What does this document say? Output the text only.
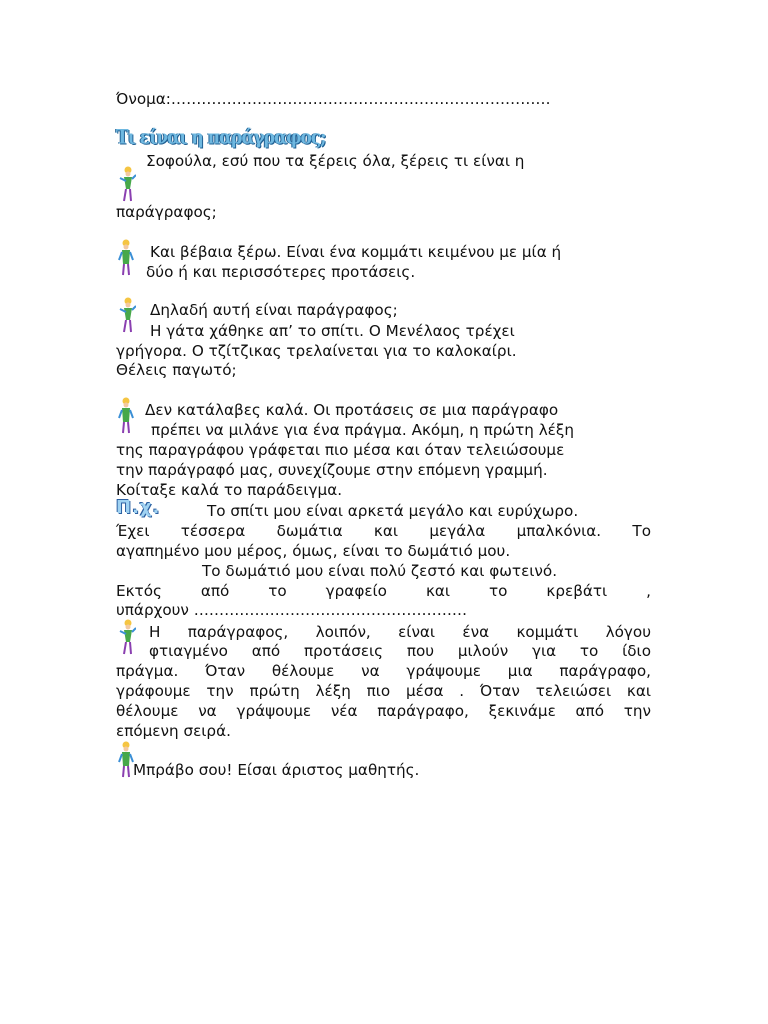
Όνομα:…………………………………………………………………
Τι είναι η παράγραφος;
Σοφούλα, εσύ που τα ξέρεις όλα, ξέρεις τι είναι η
παράγραφος;
Και βέβαια ξέρω. Είναι ένα κομμάτι κειμένου με μία ή
δύο ή και περισσότερες προτάσεις.
Δηλαδή αυτή είναι παράγραφος;
Η γάτα χάθηκε απ’ το σπίτι. Ο Μενέλαος τρέχει
γρήγορα. Ο τζίτζικας τρελαίνεται για το καλοκαίρι.
Θέλεις παγωτό;
Δεν κατάλαβες καλά. Οι προτάσεις σε μια παράγραφο
πρέπει να μιλάνε για ένα πράγμα. Ακόμη, η πρώτη λέξη
της παραγράφου γράφεται πιο μέσα και όταν τελειώσουμε
την παράγραφό μας, συνεχίζουμε στην επόμενη γραμμή.
Κοίταξε καλά το παράδειγμα.
Π.χ.	Το σπίτι μου είναι αρκετά μεγάλο και ευρύχωρο.
Έχει τέσσερα δωμάτια και μεγάλα μπαλκόνια. Το
αγαπημένο μου μέρος, όμως, είναι το δωμάτιό μου.
Το δωμάτιό μου είναι πολύ ζεστό και φωτεινό.
Εκτός από το γραφείο και το κρεβάτι ,
υπάρχουν ………………………………………………
Η παράγραφος, λοιπόν, είναι ένα κομμάτι λόγου
φτιαγμένο από προτάσεις που μιλούν για το ίδιο
πράγμα. Όταν θέλουμε να γράψουμε μια παράγραφο,
γράφουμε την πρώτη λέξη πιο μέσα . Όταν τελειώσει και
θέλουμε να γράψουμε νέα παράγραφο, ξεκινάμε από την
επόμενη σειρά.
Μπράβο σου! Είσαι άριστος μαθητής.
